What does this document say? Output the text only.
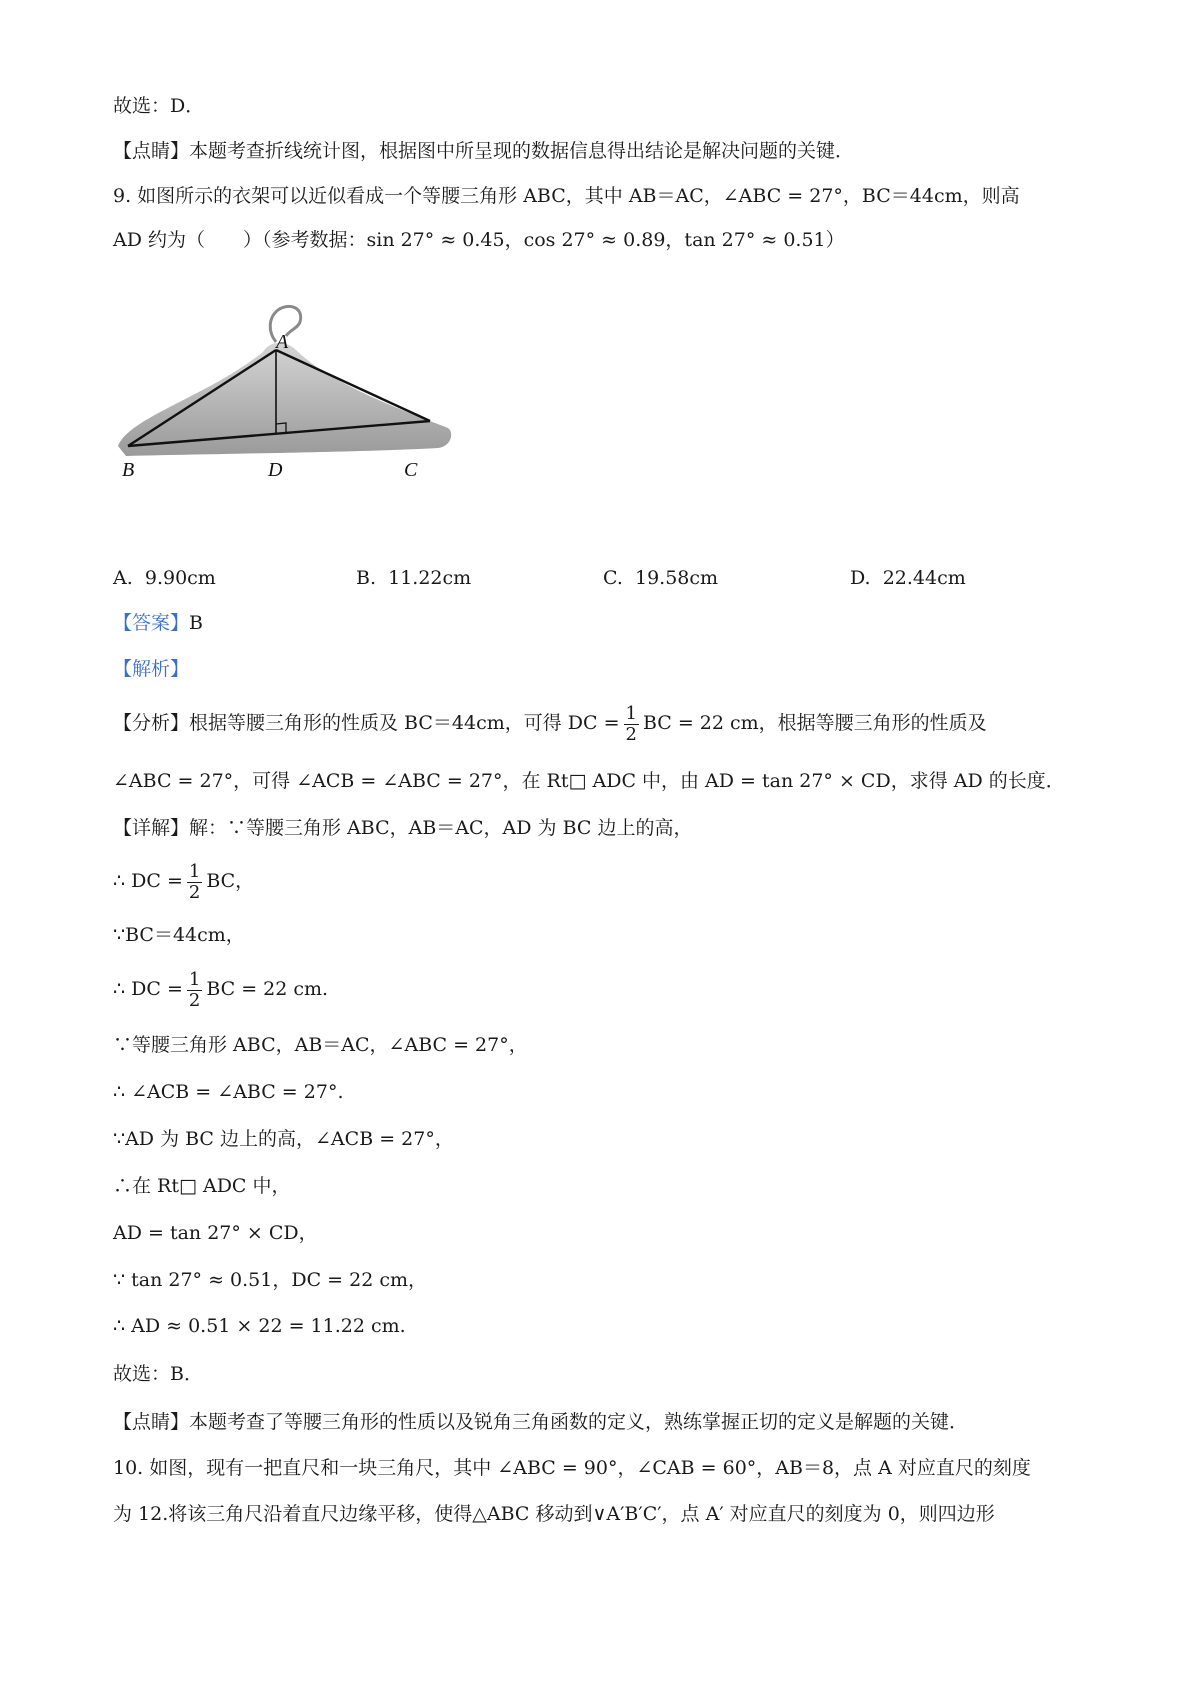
故选：D．
【点睛】本题考查折线统计图，根据图中所呈现的数据信息得出结论是解决问题的关键．
9. 如图所示的衣架可以近似看成一个等腰三角形 ABC，其中 AB＝AC，∠ABC = 27°，BC＝44cm，则高
AD 约为（　　）（参考数据：sin 27° ≈ 0.45，cos 27° ≈ 0.89，tan 27° ≈ 0.51）
A
B	D	C
A. 9.90cm	B. 11.22cm	C. 19.58cm	D. 22.44cm
【答案】B
【解析】
【分析】根据等腰三角形的性质及 BC＝44cm，可得 DC = $\frac{1}{2}$ BC = 22 cm，根据等腰三角形的性质及
∠ABC = 27°，可得 ∠ACB = ∠ABC = 27°，在 Rt□ ADC 中，由 AD = tan 27° × CD，求得 AD 的长度．
【详解】解：∵等腰三角形 ABC，AB＝AC，AD 为 BC 边上的高，
∴ DC = $\frac{1}{2}$ BC，
∵BC＝44cm，
∴ DC = $\frac{1}{2}$ BC = 22 cm.
∵等腰三角形 ABC，AB＝AC，∠ABC = 27°，
∴ ∠ACB = ∠ABC = 27°.
∵AD 为 BC 边上的高，∠ACB = 27°，
∴在 Rt□ ADC 中，
AD = tan 27° × CD，
∵ tan 27° ≈ 0.51，DC = 22 cm，
∴ AD ≈ 0.51 × 22 = 11.22 cm.
故选：B．
【点睛】本题考查了等腰三角形的性质以及锐角三角函数的定义，熟练掌握正切的定义是解题的关键．
10. 如图，现有一把直尺和一块三角尺，其中 ∠ABC = 90°，∠CAB = 60°，AB＝8，点 A 对应直尺的刻度
为 12.将该三角尺沿着直尺边缘平移，使得△ABC 移动到∨A′B′C′，点 A′ 对应直尺的刻度为 0，则四边形
